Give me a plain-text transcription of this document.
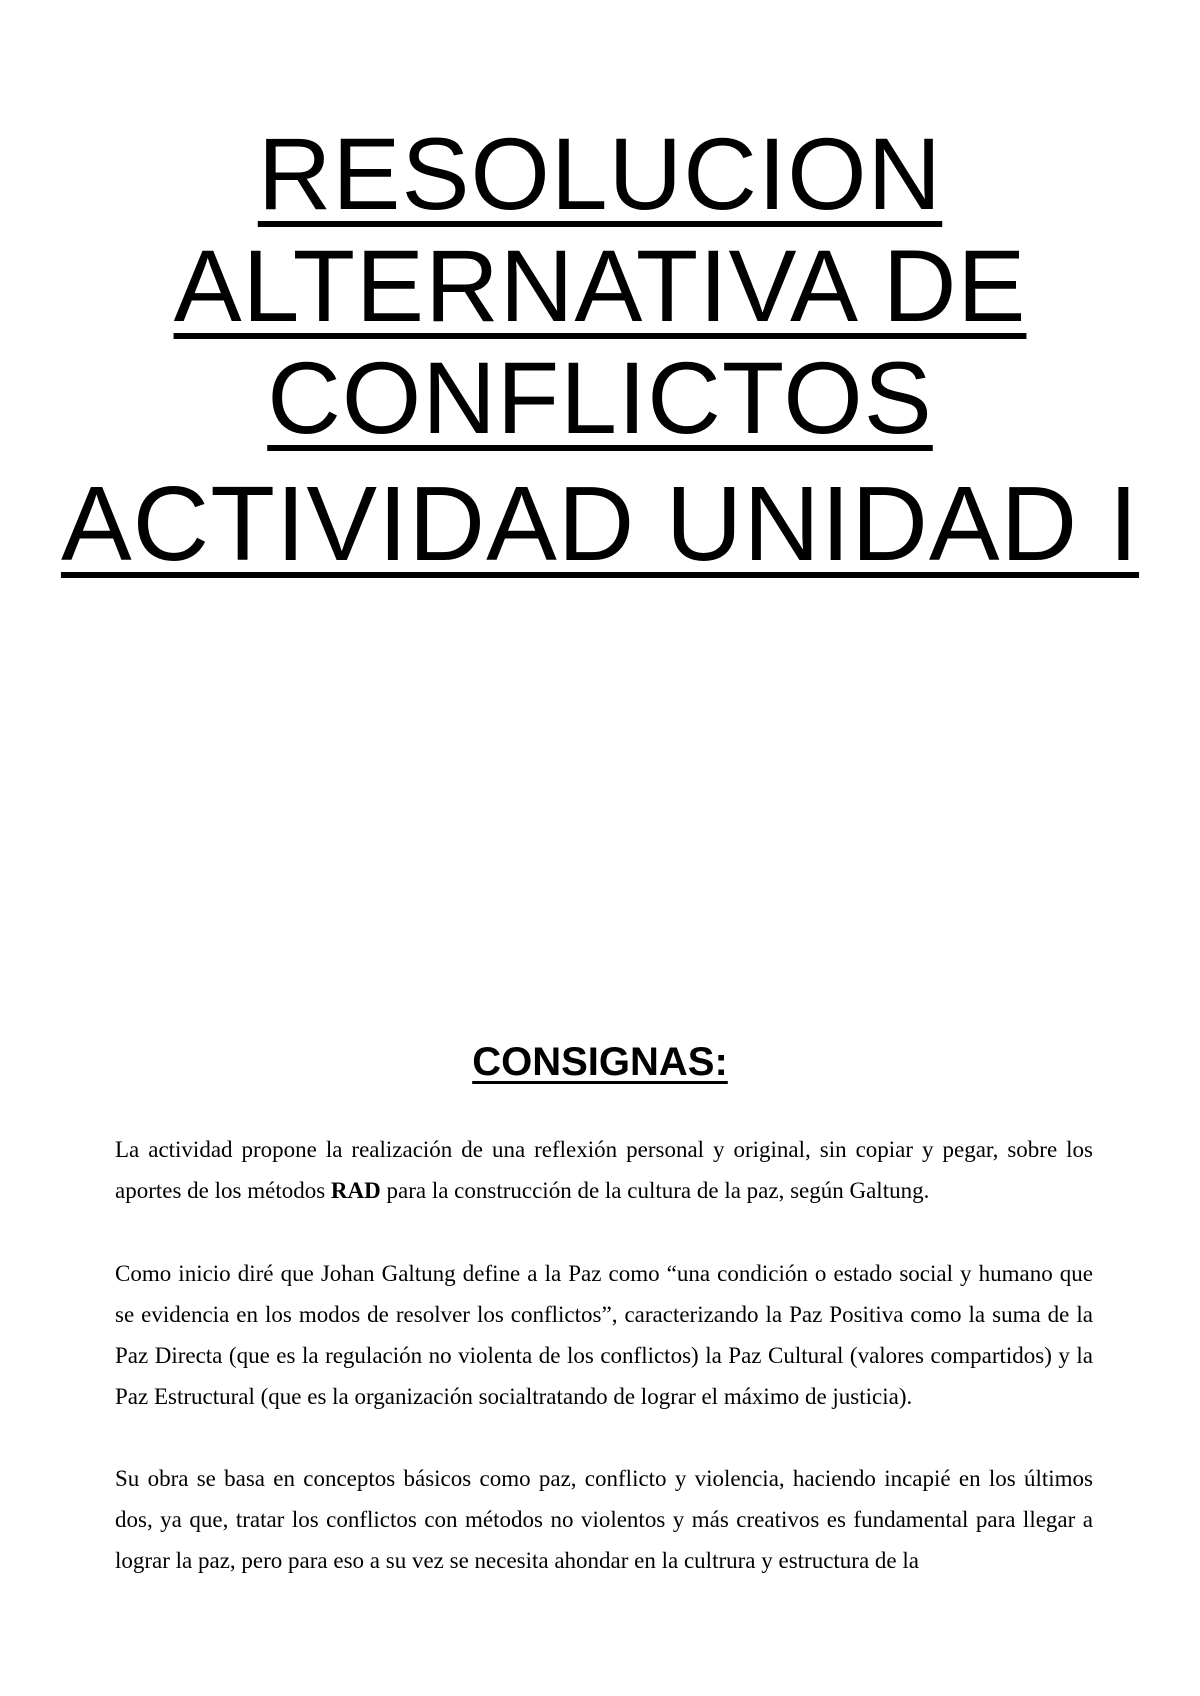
RESOLUCION
ALTERNATIVA DE
CONFLICTOS
ACTIVIDAD UNIDAD I
CONSIGNAS:

La actividad propone la realización de una reflexión personal y original, sin copiar y pegar, sobre los aportes de los métodos RAD para la construcción de la cultura de la paz, según Galtung.

Como inicio diré que Johan Galtung define a la Paz como “una condición o estado social y humano que se evidencia en los modos de resolver los conflictos”, caracterizando la Paz Positiva como la suma de la Paz Directa (que es la regulación no violenta de los conflictos) la Paz Cultural (valores compartidos) y la Paz Estructural (que es la organización socialtratando de lograr el máximo de justicia).

Su obra se basa en conceptos básicos como paz, conflicto y violencia, haciendo incapié en los últimos dos, ya que, tratar los conflictos con métodos no violentos y más creativos es fundamental para llegar a lograr la paz, pero para eso a su vez se necesita ahondar en la cultrura y estructura de la
